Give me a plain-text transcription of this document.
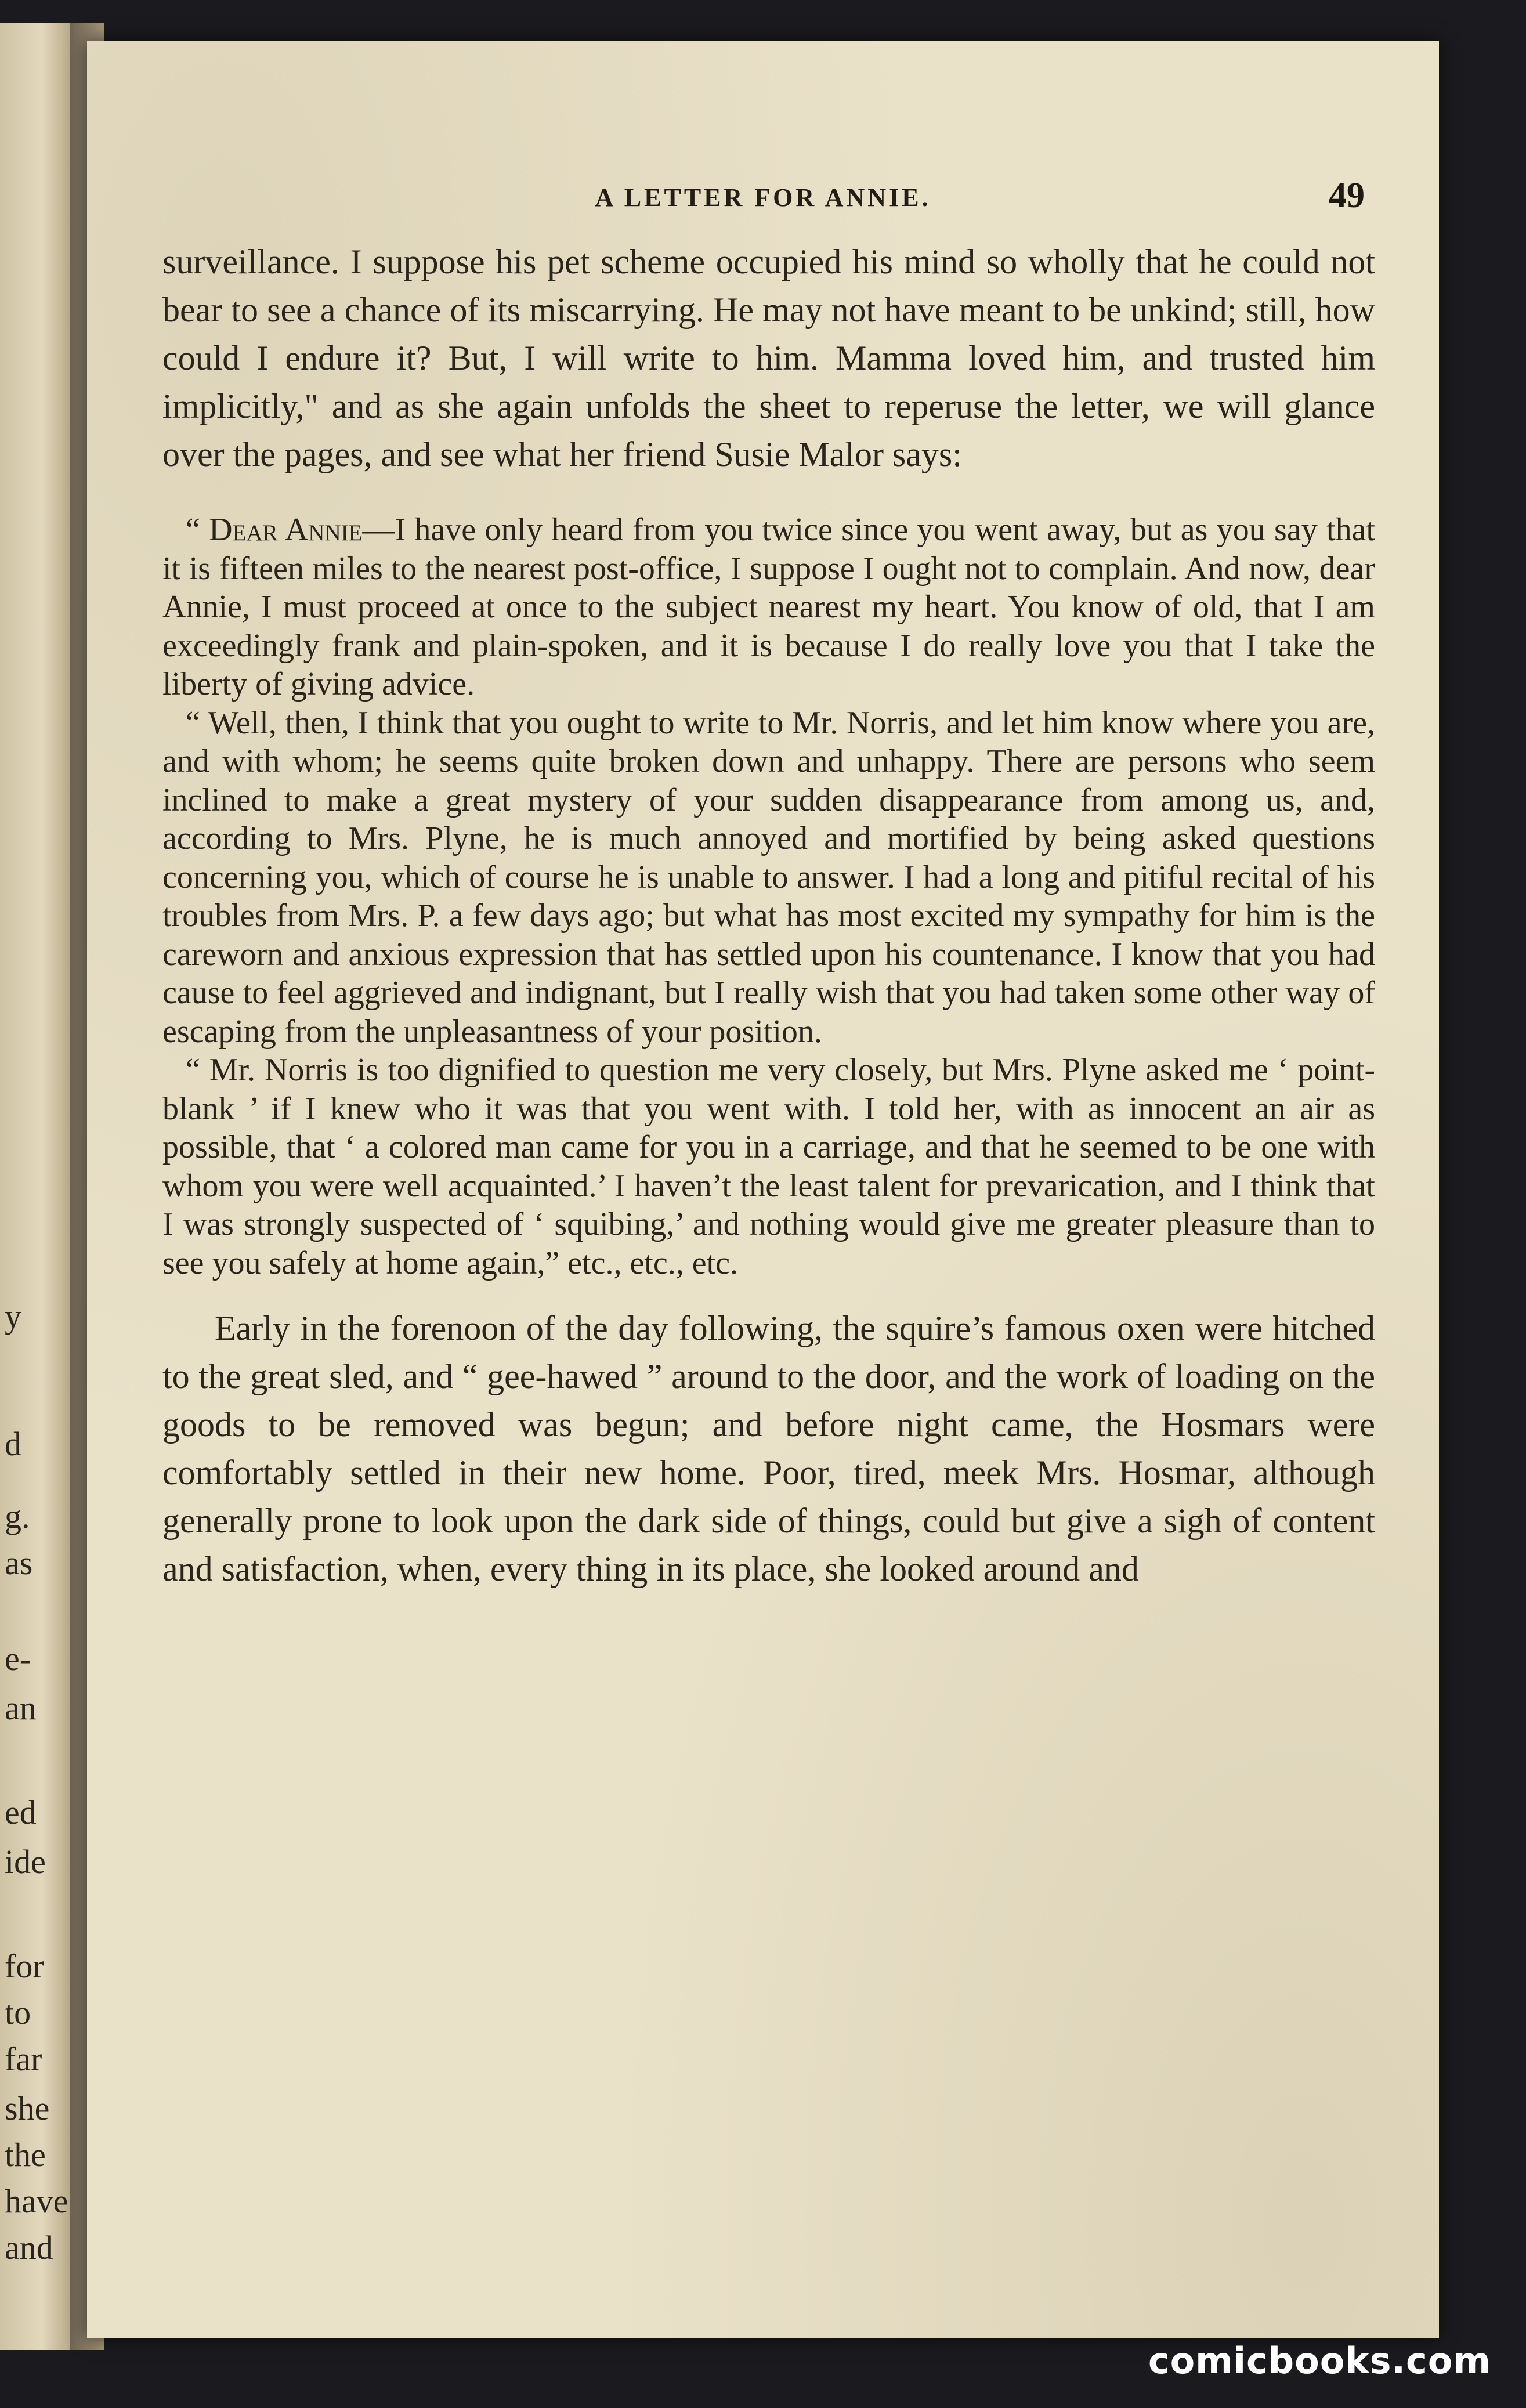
y
d
g.
as
e-
an
ed
ide
for
to
far
she
the
have
and
A LETTER FOR ANNIE.	49

surveillance. I suppose his pet scheme occupied his mind so wholly that he could not bear to see a chance of its miscarrying. He may not have meant to be unkind; still, how could I endure it? But, I will write to him. Mamma loved him, and trusted him implicitly," and as she again unfolds the sheet to reperuse the letter, we will glance over the pages, and see what her friend Susie Malor says:

“ Dear Annie—I have only heard from you twice since you went away, but as you say that it is fifteen miles to the nearest post-office, I suppose I ought not to complain. And now, dear Annie, I must proceed at once to the subject nearest my heart. You know of old, that I am exceedingly frank and plain-spoken, and it is because I do really love you that I take the liberty of giving advice.

“ Well, then, I think that you ought to write to Mr. Norris, and let him know where you are, and with whom; he seems quite broken down and unhappy. There are persons who seem inclined to make a great mystery of your sudden disappearance from among us, and, according to Mrs. Plyne, he is much annoyed and mortified by being asked questions concerning you, which of course he is unable to answer. I had a long and pitiful recital of his troubles from Mrs. P. a few days ago; but what has most excited my sympathy for him is the careworn and anxious expression that has settled upon his countenance. I know that you had cause to feel aggrieved and indignant, but I really wish that you had taken some other way of escaping from the unpleasantness of your position.

“ Mr. Norris is too dignified to question me very closely, but Mrs. Plyne asked me ‘ point-blank ’ if I knew who it was that you went with. I told her, with as innocent an air as possible, that ‘ a colored man came for you in a carriage, and that he seemed to be one with whom you were well acquainted.’ I haven’t the least talent for prevarication, and I think that I was strongly suspected of ‘ squibing,’ and nothing would give me greater pleasure than to see you safely at home again,” etc., etc., etc.

Early in the forenoon of the day following, the squire’s famous oxen were hitched to the great sled, and “ gee-hawed ” around to the door, and the work of loading on the goods to be removed was begun; and before night came, the Hosmars were comfortably settled in their new home. Poor, tired, meek Mrs. Hosmar, although generally prone to look upon the dark side of things, could but give a sigh of content and satisfaction, when, every thing in its place, she looked around and

comicbooks.com
